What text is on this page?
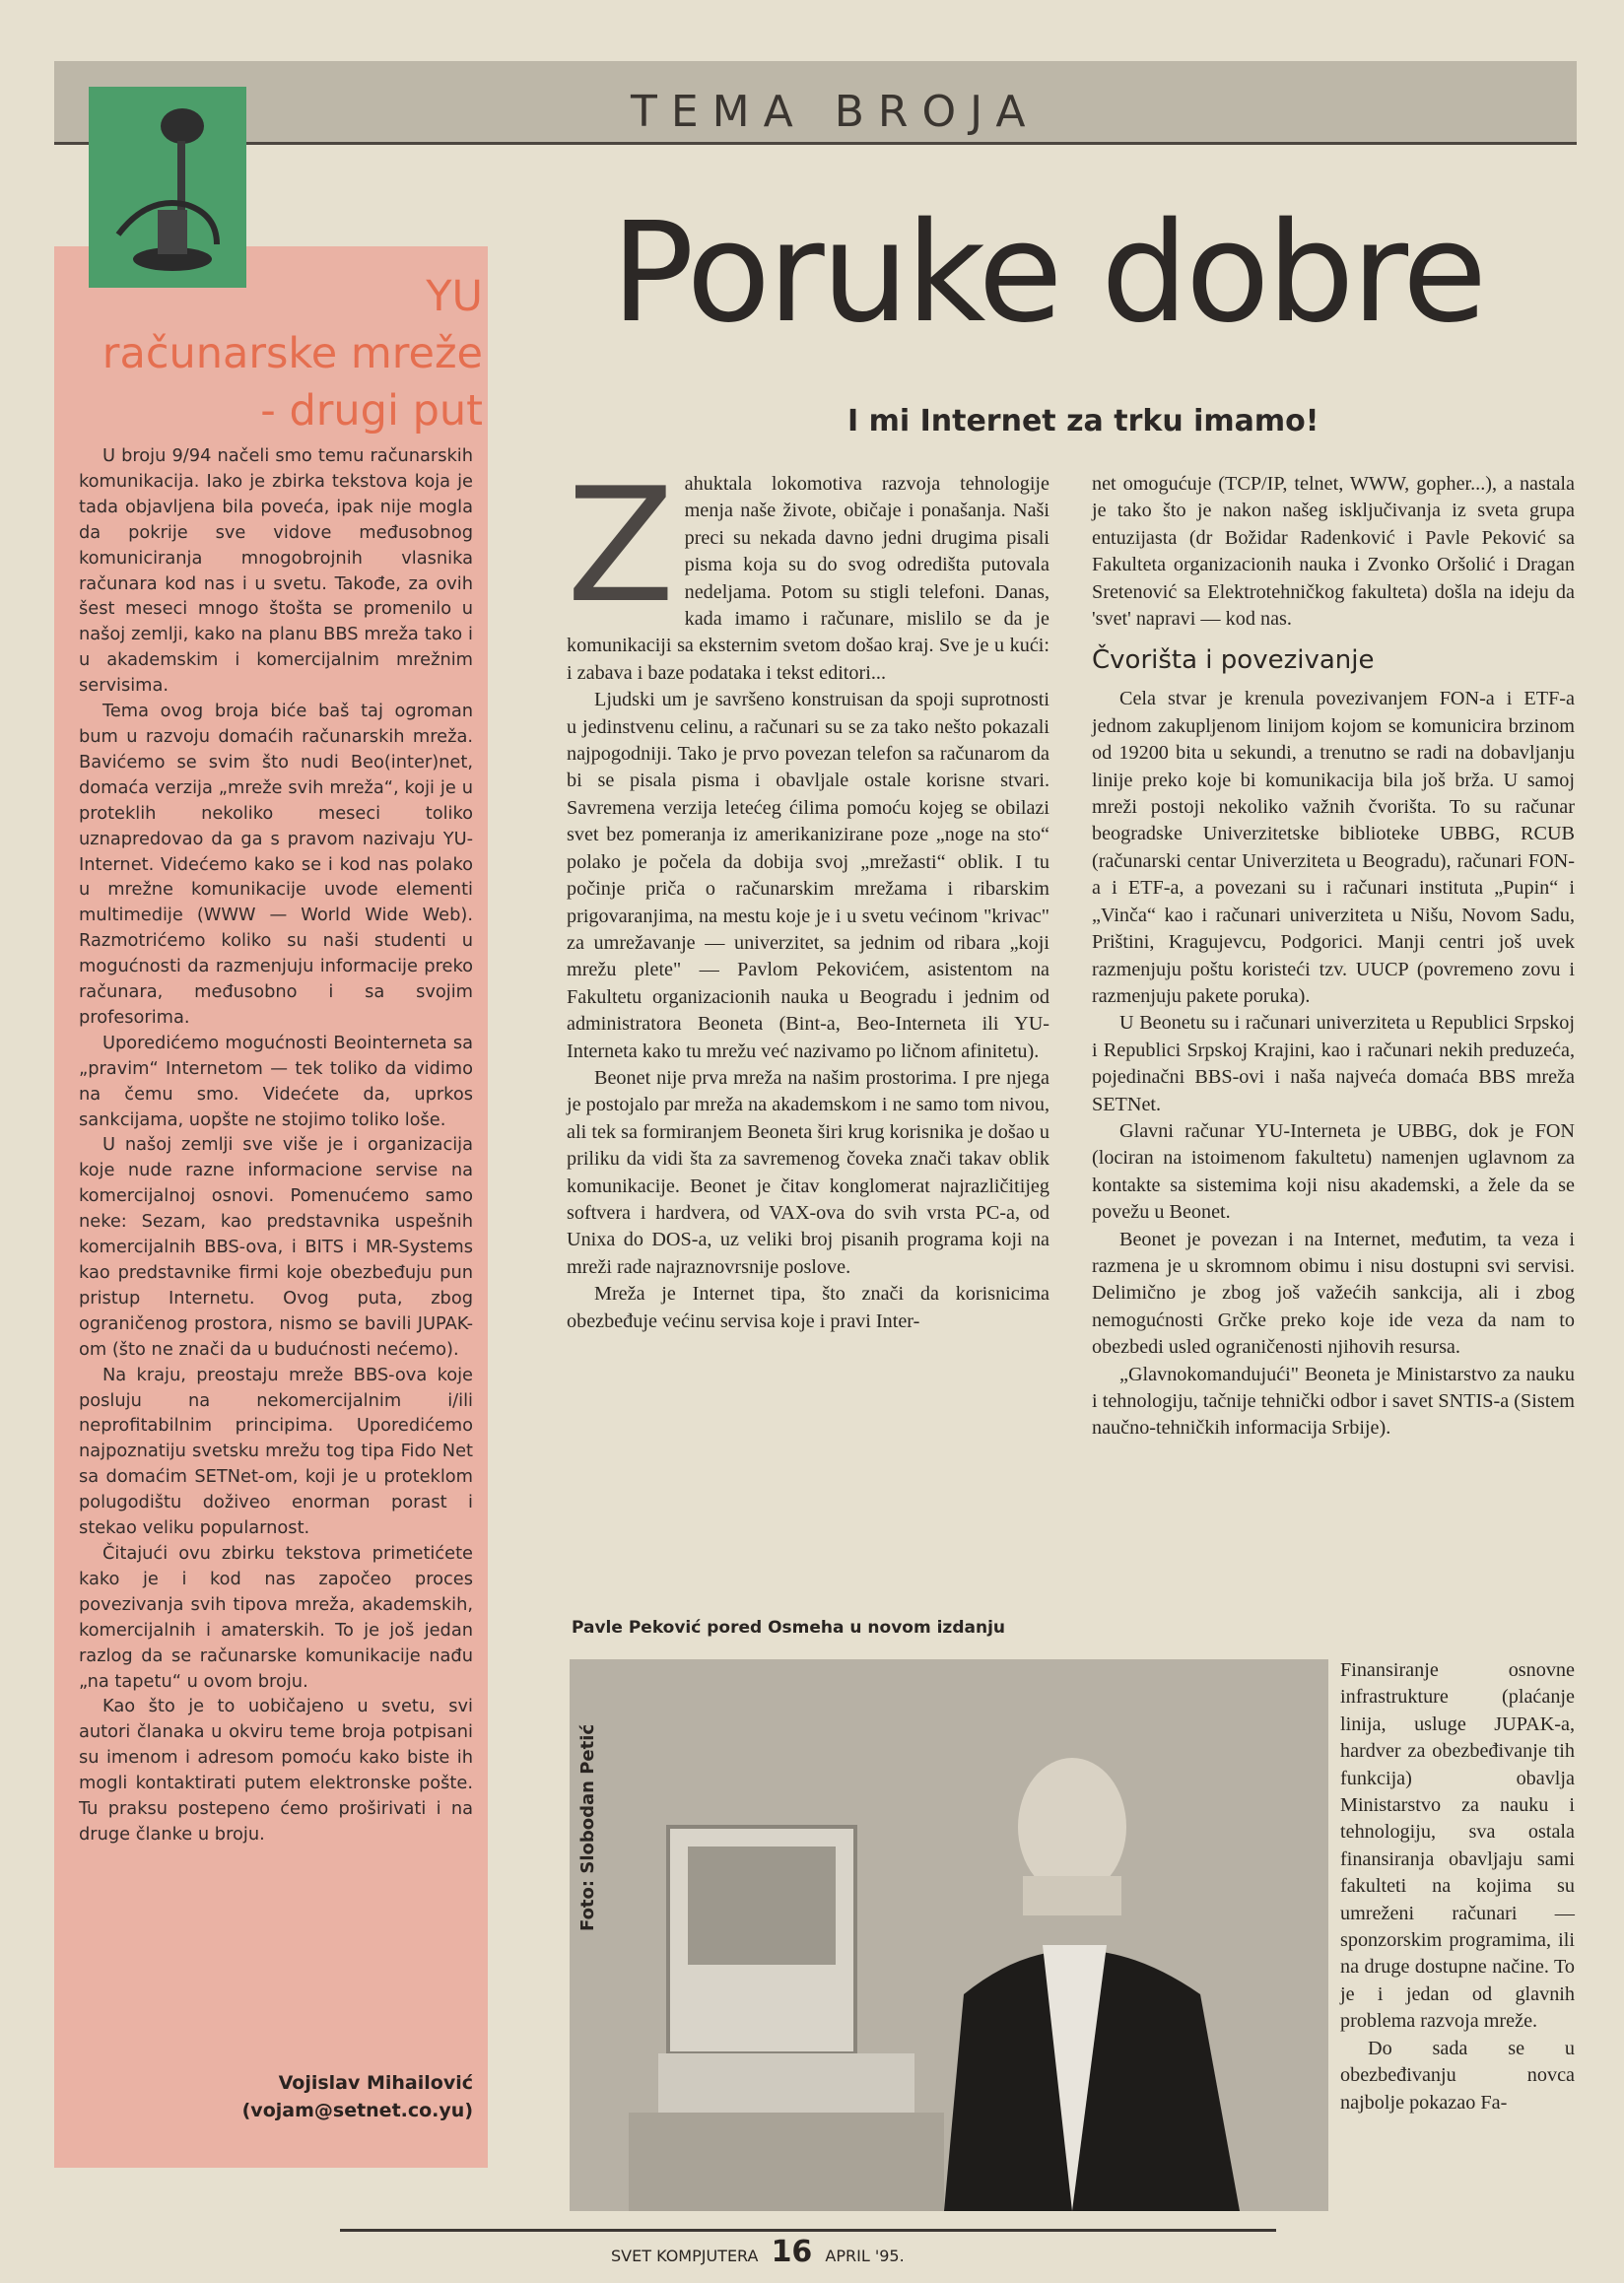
TEMA BROJA
YU
računarske mreže
- drugi put

U broju 9/94 načeli smo temu računarskih komunikacija. Iako je zbirka tekstova koja je tada objavljena bila poveća, ipak nije mogla da pokrije sve vidove međusobnog komuniciranja mnogobrojnih vlasnika računara kod nas i u svetu. Takođe, za ovih šest meseci mnogo štošta se promenilo u našoj zemlji, kako na planu BBS mreža tako i u akademskim i komercijalnim mrežnim servisima.

Tema ovog broja biće baš taj ogroman bum u razvoju domaćih računarskih mreža. Bavićemo se svim što nudi Beo(inter)net, domaća verzija „mreže svih mreža“, koji je u proteklih nekoliko meseci toliko uznapredovao da ga s pravom nazivaju YU-Internet. Videćemo kako se i kod nas polako u mrežne komunikacije uvode elementi multimedije (WWW — World Wide Web). Razmotrićemo koliko su naši studenti u mogućnosti da razmenjuju informacije preko računara, međusobno i sa svojim profesorima.

Uporedićemo mogućnosti Beointerneta sa „pravim“ Internetom — tek toliko da vidimo na čemu smo. Videćete da, uprkos sankcijama, uopšte ne stojimo toliko loše.

U našoj zemlji sve više je i organizacija koje nude razne informacione servise na komercijalnoj osnovi. Pomenućemo samo neke: Sezam, kao predstavnika uspešnih komercijalnih BBS-ova, i BITS i MR-Systems kao predstavnike firmi koje obezbeđuju pun pristup Internetu. Ovog puta, zbog ograničenog prostora, nismo se bavili JUPAK-om (što ne znači da u budućnosti nećemo).

Na kraju, preostaju mreže BBS-ova koje posluju na nekomercijalnim i/ili neprofitabilnim principima. Uporedićemo najpoznatiju svetsku mrežu tog tipa Fido Net sa domaćim SETNet-om, koji je u proteklom polugodištu doživeo enorman porast i stekao veliku popularnost.

Čitajući ovu zbirku tekstova primetićete kako je i kod nas započeo proces povezivanja svih tipova mreža, akademskih, komercijalnih i amaterskih. To je još jedan razlog da se računarske komunikacije nađu „na tapetu“ u ovom broju.

Kao što je to uobičajeno u svetu, svi autori članaka u okviru teme broja potpisani su imenom i adresom pomoću kako biste ih mogli kontaktirati putem elektronske pošte. Tu praksu postepeno ćemo proširivati i na druge članke u broju.

Vojislav Mihailović
(vojam@setnet.co.yu)
Poruke dobre
I mi Internet za trku imamo!

Zahuktala lokomotiva razvoja tehnologije menja naše živote, običaje i ponašanja. Naši preci su nekada davno jedni drugima pisali pisma koja su do svog odredišta putovala nedeljama. Potom su stigli telefoni. Danas, kada imamo i računare, mislilo se da je komunikaciji sa eksternim svetom došao kraj. Sve je u kući: i zabava i baze podataka i tekst editori...

Ljudski um je savršeno konstruisan da spoji suprotnosti u jedinstvenu celinu, a računari su se za tako nešto pokazali najpogodniji. Tako je prvo povezan telefon sa računarom da bi se pisala pisma i obavljale ostale korisne stvari. Savremena verzija letećeg ćilima pomoću kojeg se obilazi svet bez pomeranja iz amerikanizirane poze „noge na sto“ polako je počela da dobija svoj „mrežasti“ oblik. I tu počinje priča o računarskim mrežama i ribarskim prigovaranjima, na mestu koje je i u svetu većinom "krivac" za umrežavanje — univerzitet, sa jednim od ribara „koji mrežu plete" — Pavlom Pekovićem, asistentom na Fakultetu organizacionih nauka u Beogradu i jednim od administratora Beoneta (Bint-a, Beo-Interneta ili YU-Interneta kako tu mrežu već nazivamo po ličnom afinitetu).

Beonet nije prva mreža na našim prostorima. I pre njega je postojalo par mreža na akademskom i ne samo tom nivou, ali tek sa formiranjem Beoneta širi krug korisnika je došao u priliku da vidi šta za savremenog čoveka znači takav oblik komunikacije. Beonet je čitav konglomerat najrazličitijeg softvera i hardvera, od VAX-ova do svih vrsta PC-a, od Unixa do DOS-a, uz veliki broj pisanih programa koji na mreži rade najraznovrsnije poslove.

Mreža je Internet tipa, što znači da korisnicima obezbeđuje većinu servisa koje i pravi Inter-

net omogućuje (TCP/IP, telnet, WWW, gopher...), a nastala je tako što je nakon našeg isključivanja iz sveta grupa entuzijasta (dr Božidar Radenković i Pavle Peković sa Fakulteta organizacionih nauka i Zvonko Oršolić i Dragan Sretenović sa Elektrotehničkog fakulteta) došla na ideju da 'svet' napravi — kod nas.

Čvorišta i povezivanje

Cela stvar je krenula povezivanjem FON-a i ETF-a jednom zakupljenom linijom kojom se komunicira brzinom od 19200 bita u sekundi, a trenutno se radi na dobavljanju linije preko koje bi komunikacija bila još brža. U samoj mreži postoji nekoliko važnih čvorišta. To su računar beogradske Univerzitetske biblioteke UBBG, RCUB (računarski centar Univerziteta u Beogradu), računari FON-a i ETF-a, a povezani su i računari instituta „Pupin“ i „Vinča“ kao i računari univerziteta u Nišu, Novom Sadu, Prištini, Kragujevcu, Podgorici. Manji centri još uvek razmenjuju poštu koristeći tzv. UUCP (povremeno zovu i razmenjuju pakete poruka).

U Beonetu su i računari univerziteta u Republici Srpskoj i Republici Srpskoj Krajini, kao i računari nekih preduzeća, pojedinačni BBS-ovi i naša najveća domaća BBS mreža SETNet.

Glavni računar YU-Interneta je UBBG, dok je FON (lociran na istoimenom fakultetu) namenjen uglavnom za kontakte sa sistemima koji nisu akademski, a žele da se povežu u Beonet.

Beonet je povezan i na Internet, međutim, ta veza i razmena je u skromnom obimu i nisu dostupni svi servisi. Delimično je zbog još važećih sankcija, ali i zbog nemogućnosti Grčke preko koje ide veza da nam to obezbedi usled ograničenosti njihovih resursa.

„Glavnokomandujući" Beoneta je Ministarstvo za nauku i tehnologiju, tačnije tehnički odbor i savet SNTIS-a (Sistem naučno-tehničkih informacija Srbije).

Finansiranje osnovne infrastrukture (plaćanje linija, usluge JUPAK-a, hardver za obezbeđivanje tih funkcija) obavlja Ministarstvo za nauku i tehnologiju, sva ostala finansiranja obavljaju sami fakulteti na kojima su umreženi računari — sponzorskim programima, ili na druge dostupne načine. To je i jedan od glavnih problema razvoja mreže.

Do sada se u obezbeđivanju novca najbolje pokazao Fa-

Pavle Peković pored Osmeha u novom izdanju
Foto: Slobodan Petić
SVET KOMPJUTERA 16 APRIL '95.
